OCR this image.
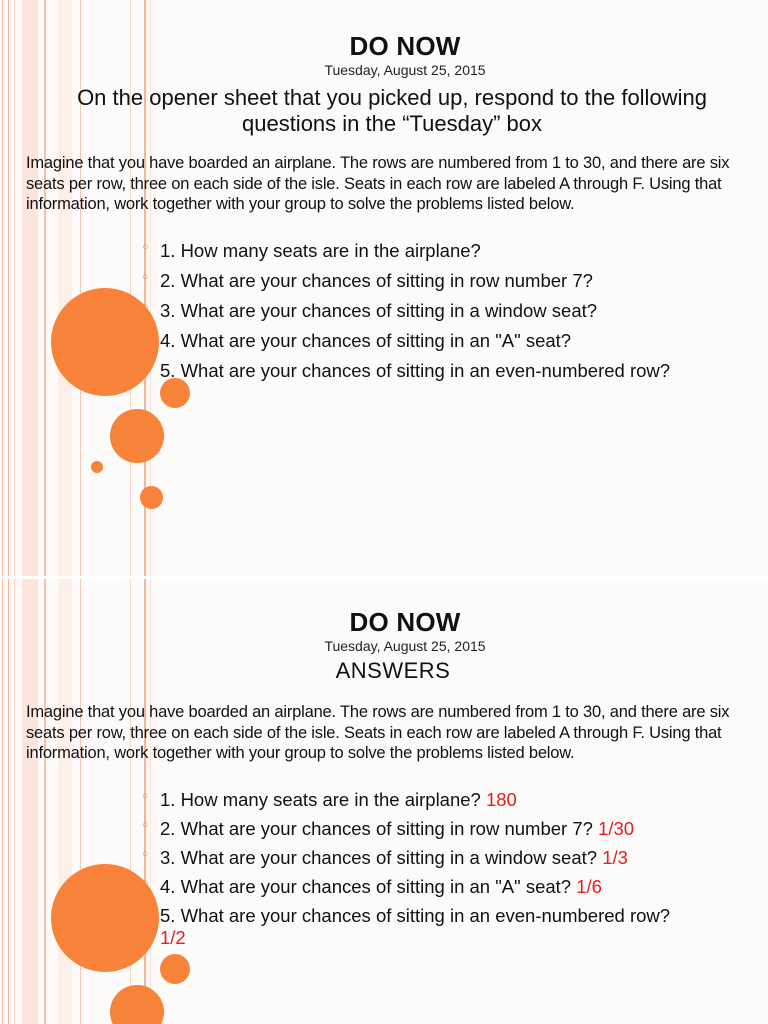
DO NOW
Tuesday, August 25, 2015
On the opener sheet that you picked up, respond to the following
questions in the “Tuesday” box
Imagine that you have boarded an airplane. The rows are numbered from 1 to 30, and there are six seats per row, three on each side of the isle. Seats in each row are labeled A through F. Using that information, work together with your group to solve the problems listed below.
○ 1. How many seats are in the airplane?
○ 2. What are your chances of sitting in row number 7?
○ 3. What are your chances of sitting in a window seat?
○ 4. What are your chances of sitting in an "A" seat?
○ 5. What are your chances of sitting in an even-numbered row?
DO NOW
Tuesday, August 25, 2015
ANSWERS
Imagine that you have boarded an airplane. The rows are numbered from 1 to 30, and there are six seats per row, three on each side of the isle. Seats in each row are labeled A through F. Using that information, work together with your group to solve the problems listed below.
○ 1. How many seats are in the airplane? 180
○ 2. What are your chances of sitting in row number 7? 1/30
○ 3. What are your chances of sitting in a window seat? 1/3
○ 4. What are your chances of sitting in an "A" seat? 1/6
○ 5. What are your chances of sitting in an even-numbered row? 1/2
